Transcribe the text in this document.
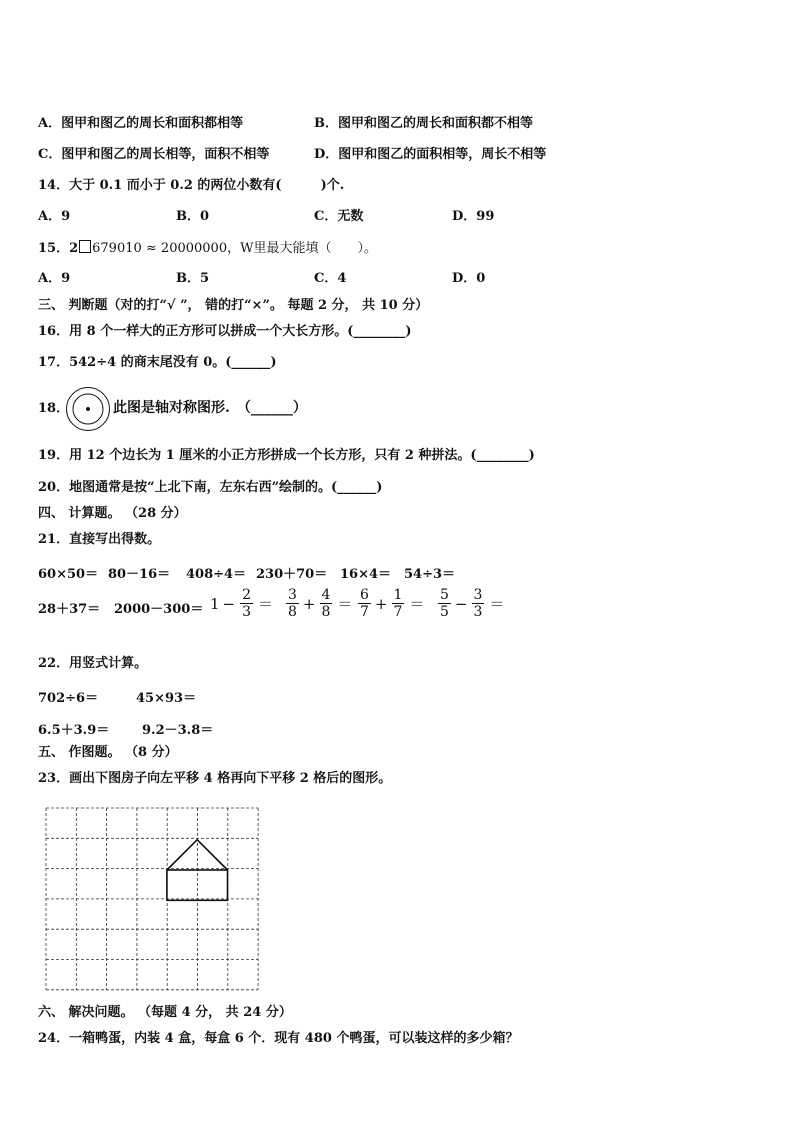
A．图甲和图乙的周长和面积都相等	B．图甲和图乙的周长和面积都不相等
C．图甲和图乙的周长相等，面积不相等	D．图甲和图乙的面积相等，周长不相等
14．大于 0.1 而小于 0.2 的两位小数有(　　　)个.
A．9	B．0	C．无数	D．99
15．2 679010 ≈ 20000000，W里最大能填（　　）。
A．9	B．5	C．4	D．0
三、 判断题（对的打“√ ”， 错的打“×”。 每题 2 分， 共 10 分）
16．用 8 个一样大的正方形可以拼成一个大长方形。(________)
17．542÷4 的商末尾没有 0。(______)
18．	此图是轴对称图形.　（______）
19．用 12 个边长为 1 厘米的小正方形拼成一个长方形，只有 2 种拼法。(________)
20．地图通常是按“上北下南，左东右西”绘制的。(______)
四、 计算题。 （28 分）
21．直接写出得数。
60×50＝ 80－16＝ 408÷4＝ 230＋70＝ 16×4＝ 54÷3＝
$28+37= 2000-300= 1 - \frac{2}{3} = \frac{3}{8} + \frac{4}{8} = \frac{6}{7} + \frac{1}{7} = \frac{5}{5} - \frac{3}{3}$ ＝
22．用竖式计算。
702÷6＝	45×93＝
6.5＋3.9＝	9.2－3.8＝
五、 作图题。 （8 分）
23．画出下图房子向左平移 4 格再向下平移 2 格后的图形。
六、 解决问题。 （每题 4 分， 共 24 分）
24．一箱鸭蛋，内装 4 盒，每盒 6 个．现有 480 个鸭蛋，可以装这样的多少箱？
